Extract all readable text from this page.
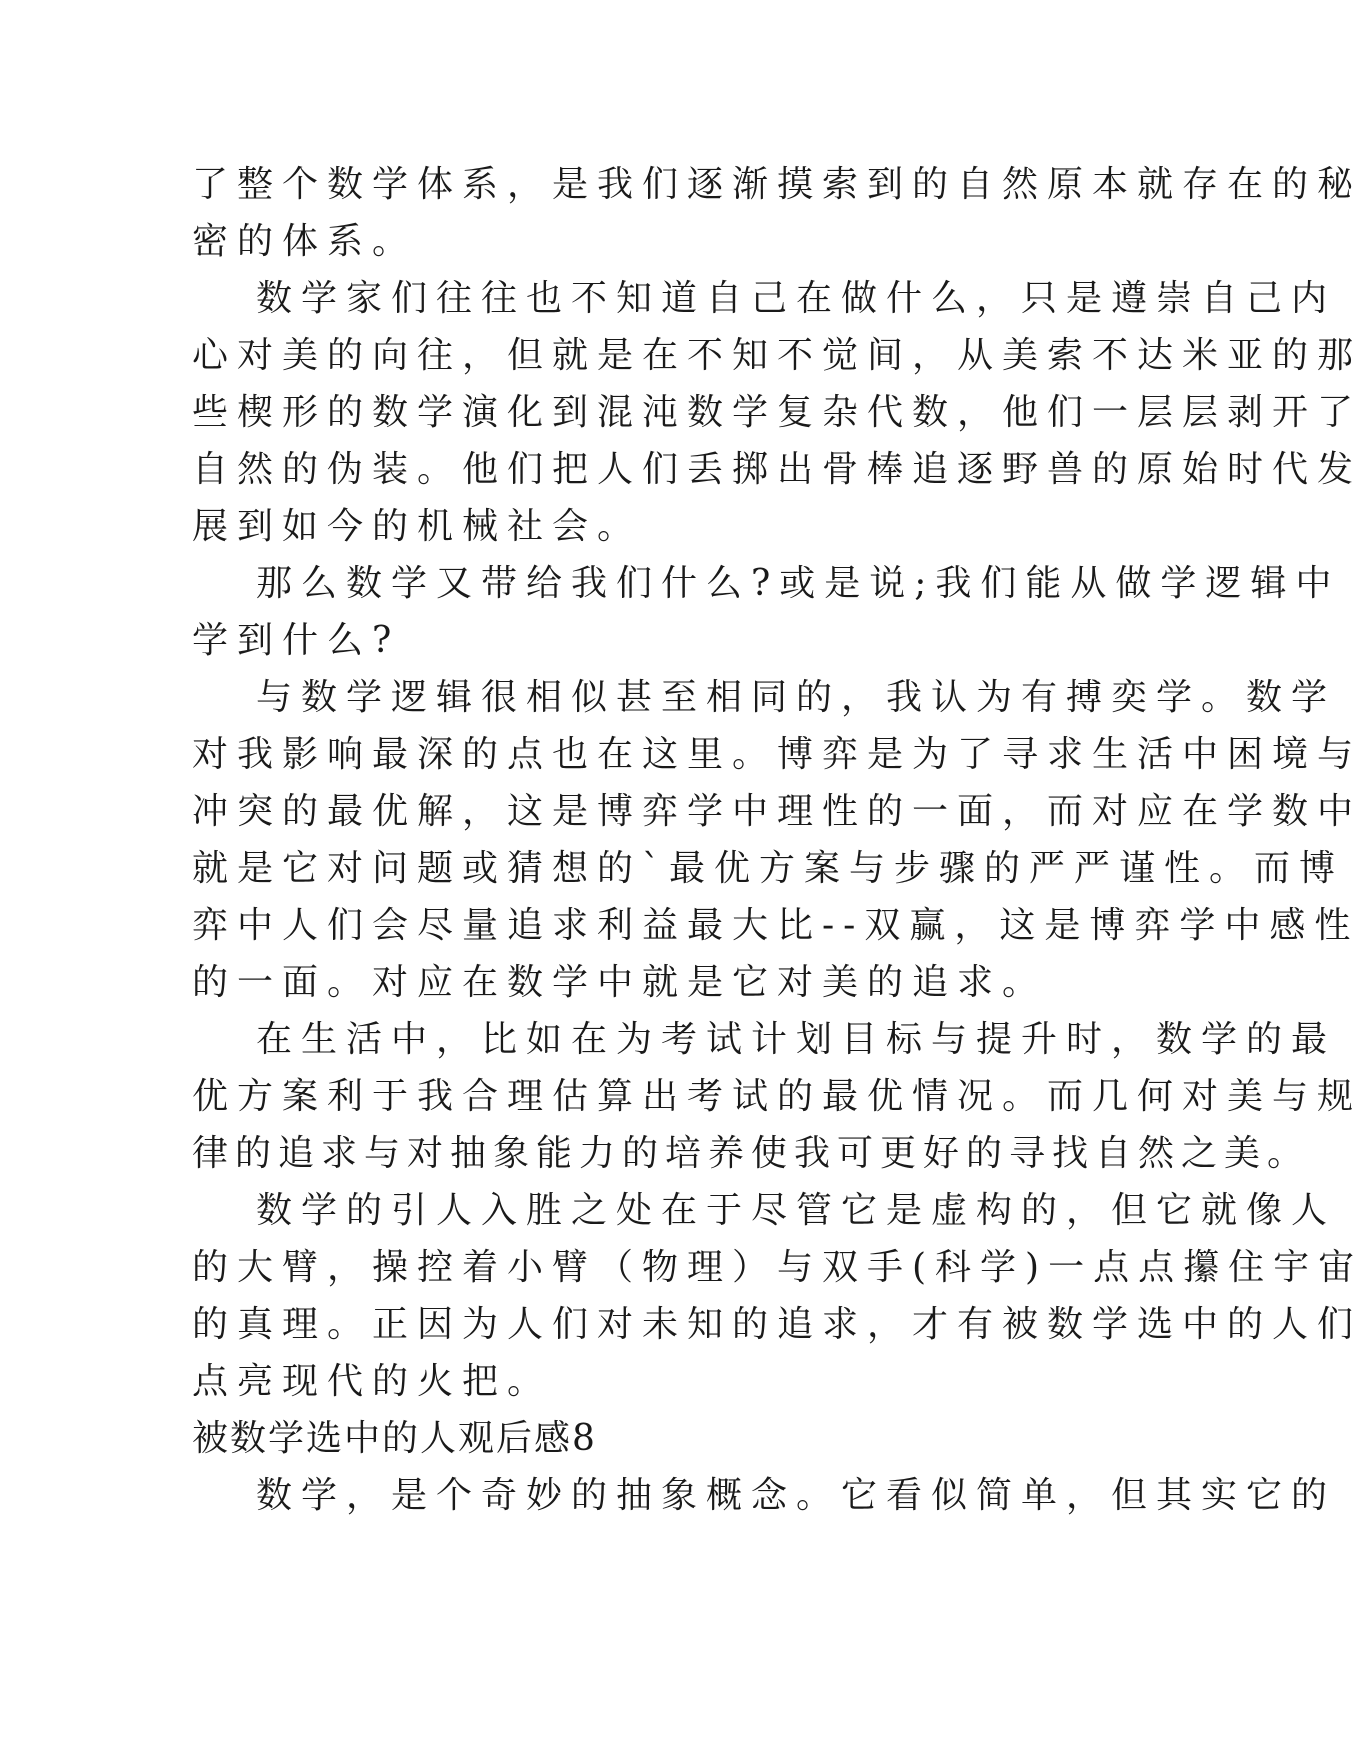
了整个数学体系，是我们逐渐摸索到的自然原本就存在的秘
密的体系。
数学家们往往也不知道自己在做什么，只是遵崇自己内
心对美的向往，但就是在不知不觉间，从美索不达米亚的那
些楔形的数学演化到混沌数学复杂代数，他们一层层剥开了
自然的伪装。他们把人们丢掷出骨棒追逐野兽的原始时代发
展到如今的机械社会。
那么数学又带给我们什么?或是说;我们能从做学逻辑中
学到什么?
与数学逻辑很相似甚至相同的，我认为有搏奕学。数学
对我影响最深的点也在这里。博弈是为了寻求生活中困境与
冲突的最优解，这是博弈学中理性的一面，而对应在学数中
就是它对问题或猜想的`最优方案与步骤的严严谨性。而博
弈中人们会尽量追求利益最大比--双赢，这是博弈学中感性
的一面。对应在数学中就是它对美的追求。
在生活中，比如在为考试计划目标与提升时，数学的最
优方案利于我合理估算出考试的最优情况。而几何对美与规
律的追求与对抽象能力的培养使我可更好的寻找自然之美。
数学的引人入胜之处在于尽管它是虚构的，但它就像人
的大臂，操控着小臂（物理）与双手(科学)一点点攥住宇宙
的真理。正因为人们对未知的追求，才有被数学选中的人们
点亮现代的火把。
被数学选中的人观后感8
数学，是个奇妙的抽象概念。它看似简单，但其实它的
